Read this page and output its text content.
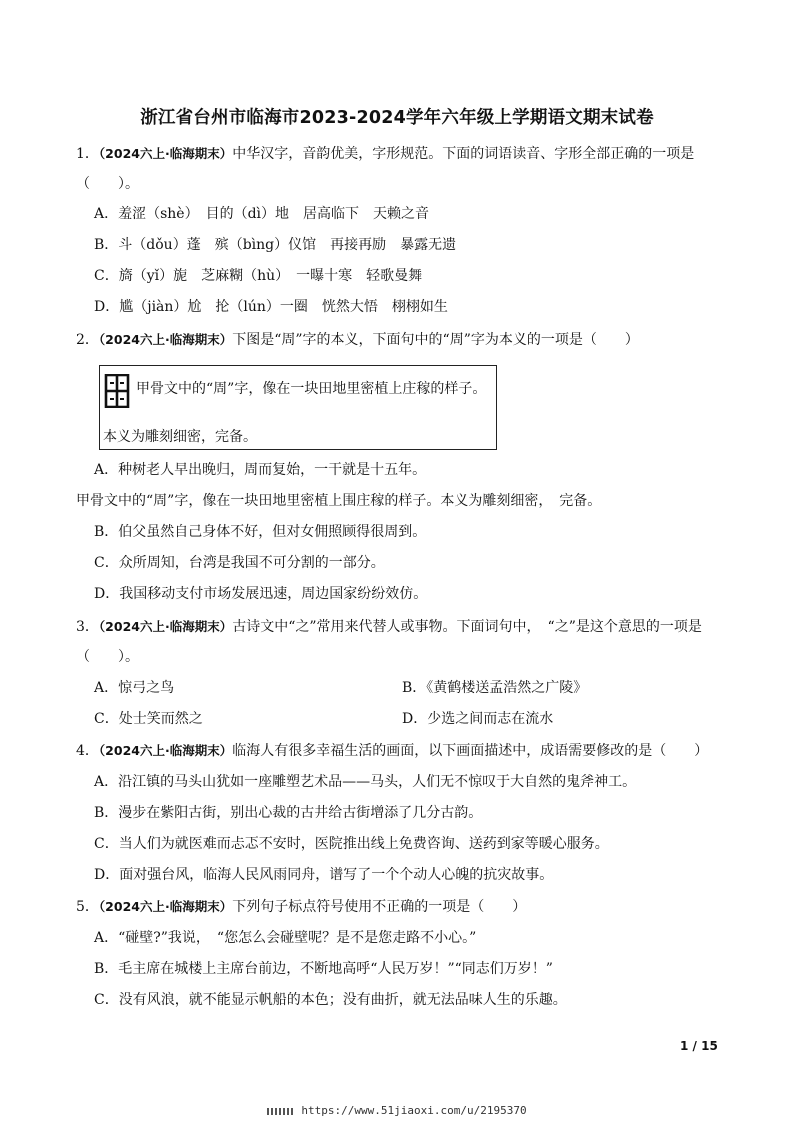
浙江省台州市临海市2023-2024学年六年级上学期语文期末试卷
1．（2024六上·临海期末）中华汉字，音韵优美，字形规范。下面的词语读音、字形全部正确的一项是
（　　）。
A．羞涩（shè）　目的（dì）地　居高临下　天赖之音
B．斗（dǒu）蓬　殡（bìng）仪馆　再接再励　暴露无遗
C．旖（yǐ）旎　芝麻糊（hù）　一曝十寒　轻歌曼舞
D．尴（jiàn）尬　抡（lún）一圈　恍然大悟　栩栩如生
2．（2024六上·临海期末）下图是“周”字的本义，下面句中的“周”字为本义的一项是（　　）
甲骨文中的“周”字，像在一块田地里密植上庄稼的样子。
本义为雕刻细密，完备。
A．种树老人早出晚归，周而复始，一干就是十五年。
甲骨文中的“周”字，像在一块田地里密植上围庄稼的样子。本义为雕刻细密，　完备。
B．伯父虽然自己身体不好，但对女佣照顾得很周到。
C．众所周知，台湾是我国不可分割的一部分。
D．我国移动支付市场发展迅速，周边国家纷纷效仿。
3．（2024六上·临海期末）古诗文中“之”常用来代替人或事物。下面词句中，　“之”是这个意思的一项是
（　　）。
A．惊弓之鸟	B．《黄鹤楼送孟浩然之广陵》
C．处士笑而然之	D．少选之间而志在流水
4．（2024六上·临海期末）临海人有很多幸福生活的画面，以下画面描述中，成语需要修改的是（　　）
A．沿江镇的马头山犹如一座雕塑艺术品——马头，人们无不惊叹于大自然的鬼斧神工。
B．漫步在紫阳古街，别出心裁的古井给古街增添了几分古韵。
C．当人们为就医难而忐忑不安时，医院推出线上免费咨询、送药到家等暖心服务。
D．面对强台风，临海人民风雨同舟，谱写了一个个动人心魄的抗灾故事。
5．（2024六上·临海期末）下列句子标点符号使用不正确的一项是（　　）
A．“碰壁?”我说，　“您怎么会碰壁呢？是不是您走路不小心。”
B．毛主席在城楼上主席台前边，不断地高呼“人民万岁！”“同志们万岁！”
C．没有风浪，就不能显示帆船的本色；没有曲折，就无法品味人生的乐趣。
1 / 15
https://www.51jiaoxi.com/u/2195370
